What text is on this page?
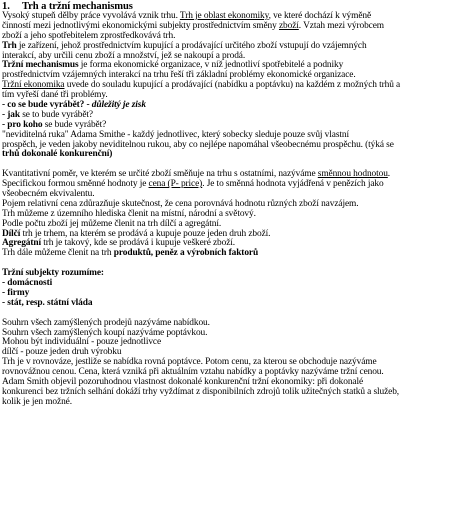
1. Trh a tržní mechanismus
Vysoký stupeň dělby práce vyvolává vznik trhu. Trh je oblast ekonomiky, ve které dochází k výměně
činností mezi jednotlivými ekonomickými subjekty prostřednictvím směny zboží. Vztah mezi výrobcem
zboží a jeho spotřebitelem zprostředkovává trh.
Trh je zařízení, jehož prostřednictvím kupující a prodávající určitého zboží vstupují do vzájemných
interakcí, aby určili cenu zboží a množství, jež se nakoupí a prodá.
Tržní mechanismus je forma ekonomické organizace, v níž jednotliví spotřebitelé a podniky
prostřednictvím vzájemných interakcí na trhu řeší tři základní problémy ekonomické organizace.
Tržní ekonomika uvede do souladu kupující a prodávající (nabídku a poptávku) na každém z možných trhů a
tím vyřeší dané tři problémy.
- co se bude vyrábět? - důležitý je zisk
- jak se to bude vyrábět?
- pro koho se bude vyrábět?
"neviditelná ruka" Adama Smithe - každý jednotlivec, který sobecky sleduje pouze svůj vlastní
prospěch, je veden jakoby neviditelnou rukou, aby co nejlépe napomáhal všeobecnému prospěchu. (týká se
trhů dokonalé konkurenční)
Kvantitativní poměr, ve kterém se určité zboží směňuje na trhu s ostatními, nazýváme směnnou hodnotou.
Specifickou formou směnné hodnoty je cena (P- price). Je to směnná hodnota vyjádřená v penězích jako
všeobecném ekvivalentu.
Pojem relativní cena zdůrazňuje skutečnost, že cena porovnává hodnotu různých zboží navzájem.
Trh můžeme z územního hlediska členit na místní, národní a světový.
Podle počtu zboží jej můžeme členit na trh dílčí a agregátní.
Dílčí trh je trhem, na kterém se prodává a kupuje pouze jeden druh zboží.
Agregátní trh je takový, kde se prodává i kupuje veškeré zboží.
Trh dále můžeme členit na trh produktů, peněz a výrobních faktorů
Tržní subjekty rozumíme:
- domácnosti
- firmy
- stát, resp. státní vláda
Souhrn všech zamýšlených prodejů nazýváme nabídkou.
Souhrn všech zamýšlených koupí nazýváme poptávkou.
Mohou být individuální - pouze jednotlivce
dílčí - pouze jeden druh výrobku
Trh je v rovnováze, jestliže se nabídka rovná poptávce. Potom cenu, za kterou se obchoduje nazýváme
rovnovážnou cenou. Cena, která vzniká při aktuálním vztahu nabídky a poptávky nazýváme tržní cenou.
Adam Smith objevil pozoruhodnou vlastnost dokonalé konkurenční tržní ekonomiky: při dokonalé
konkurenci bez tržních selhání dokáží trhy vyždímat z disponibilních zdrojů tolik užitečných statků a služeb,
kolik je jen možné.
